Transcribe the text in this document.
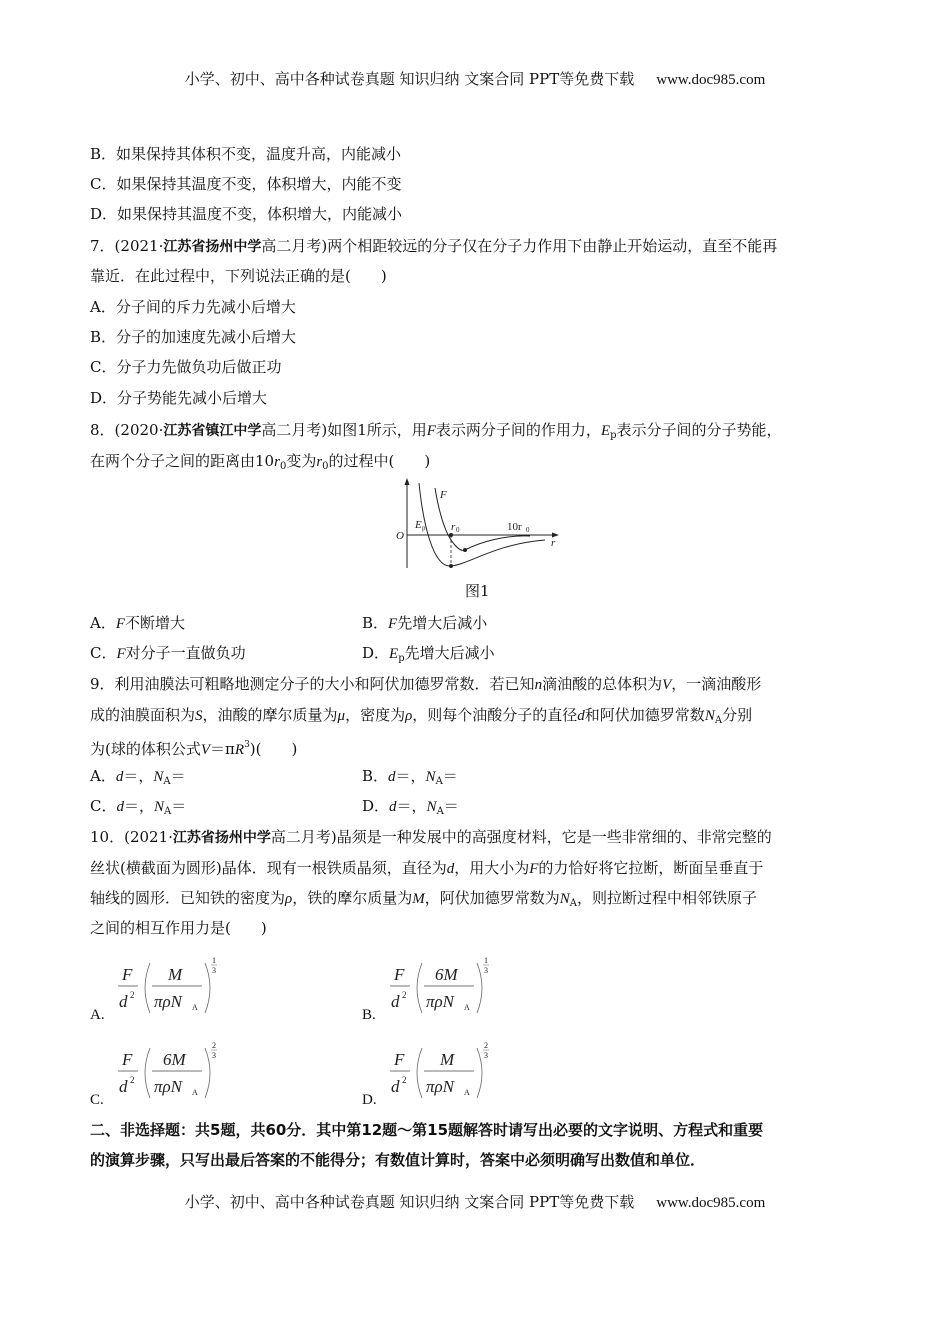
小学、初中、高中各种试卷真题 知识归纳 文案合同 PPT等免费下载 www.doc985.com
B．如果保持其体积不变，温度升高，内能减小
C．如果保持其温度不变，体积增大，内能不变
D．如果保持其温度不变，体积增大，内能减小
7．(2021·江苏省扬州中学高二月考)两个相距较远的分子仅在分子力作用下由静止开始运动，直至不能再
靠近．在此过程中，下列说法正确的是( )
A．分子间的斥力先减小后增大
B．分子的加速度先减小后增大
C．分子力先做负功后做正功
D．分子势能先减小后增大
8．(2020·江苏省镇江中学高二月考)如图1所示，用F表示两分子间的作用力，$E_p$表示分子间的分子势能，
在两个分子之间的距离由$10r_0$变为$r_0$的过程中( )
F
E p
O
r 0	10r 0
r
图1
A．F不断增大	B．F先增大后减小
C．F对分子一直做负功	D．$E_p$先增大后减小
9．利用油膜法可粗略地测定分子的大小和阿伏加德罗常数．若已知n滴油酸的总体积为V，一滴油酸形
成的油膜面积为S，油酸的摩尔质量为μ，密度为ρ，则每个油酸分子的直径d和阿伏加德罗常数$N_A$分别
为(球的体积公式$V=\pi R^3$)( )
A．d＝，$N_A=$	B．d＝，$N_A=$
C．d＝，$N_A=$	D．d＝，$N_A=$
10．(2021·江苏省扬州中学高二月考)晶须是一种发展中的高强度材料，它是一些非常细的、非常完整的
丝状(横截面为圆形)晶体．现有一根铁质晶须，直径为d，用大小为F的力恰好将它拉断，断面呈垂直于
轴线的圆形．已知铁的密度为ρ，铁的摩尔质量为M，阿伏加德罗常数为$N_A$，则拉断过程中相邻铁原子
之间的相互作用力是( )
A.
F
d 2
M
πρN A
1
3
B.
F
d 2
6M
πρN A
1
3
C.
F
d 2
6M
πρN A
2
3
D.
F
d 2
M
πρN A
2
3
二、非选择题：共5题，共60分．其中第12题～第15题解答时请写出必要的文字说明、方程式和重要
的演算步骤，只写出最后答案的不能得分；有数值计算时，答案中必须明确写出数值和单位．
小学、初中、高中各种试卷真题 知识归纳 文案合同 PPT等免费下载 www.doc985.com
